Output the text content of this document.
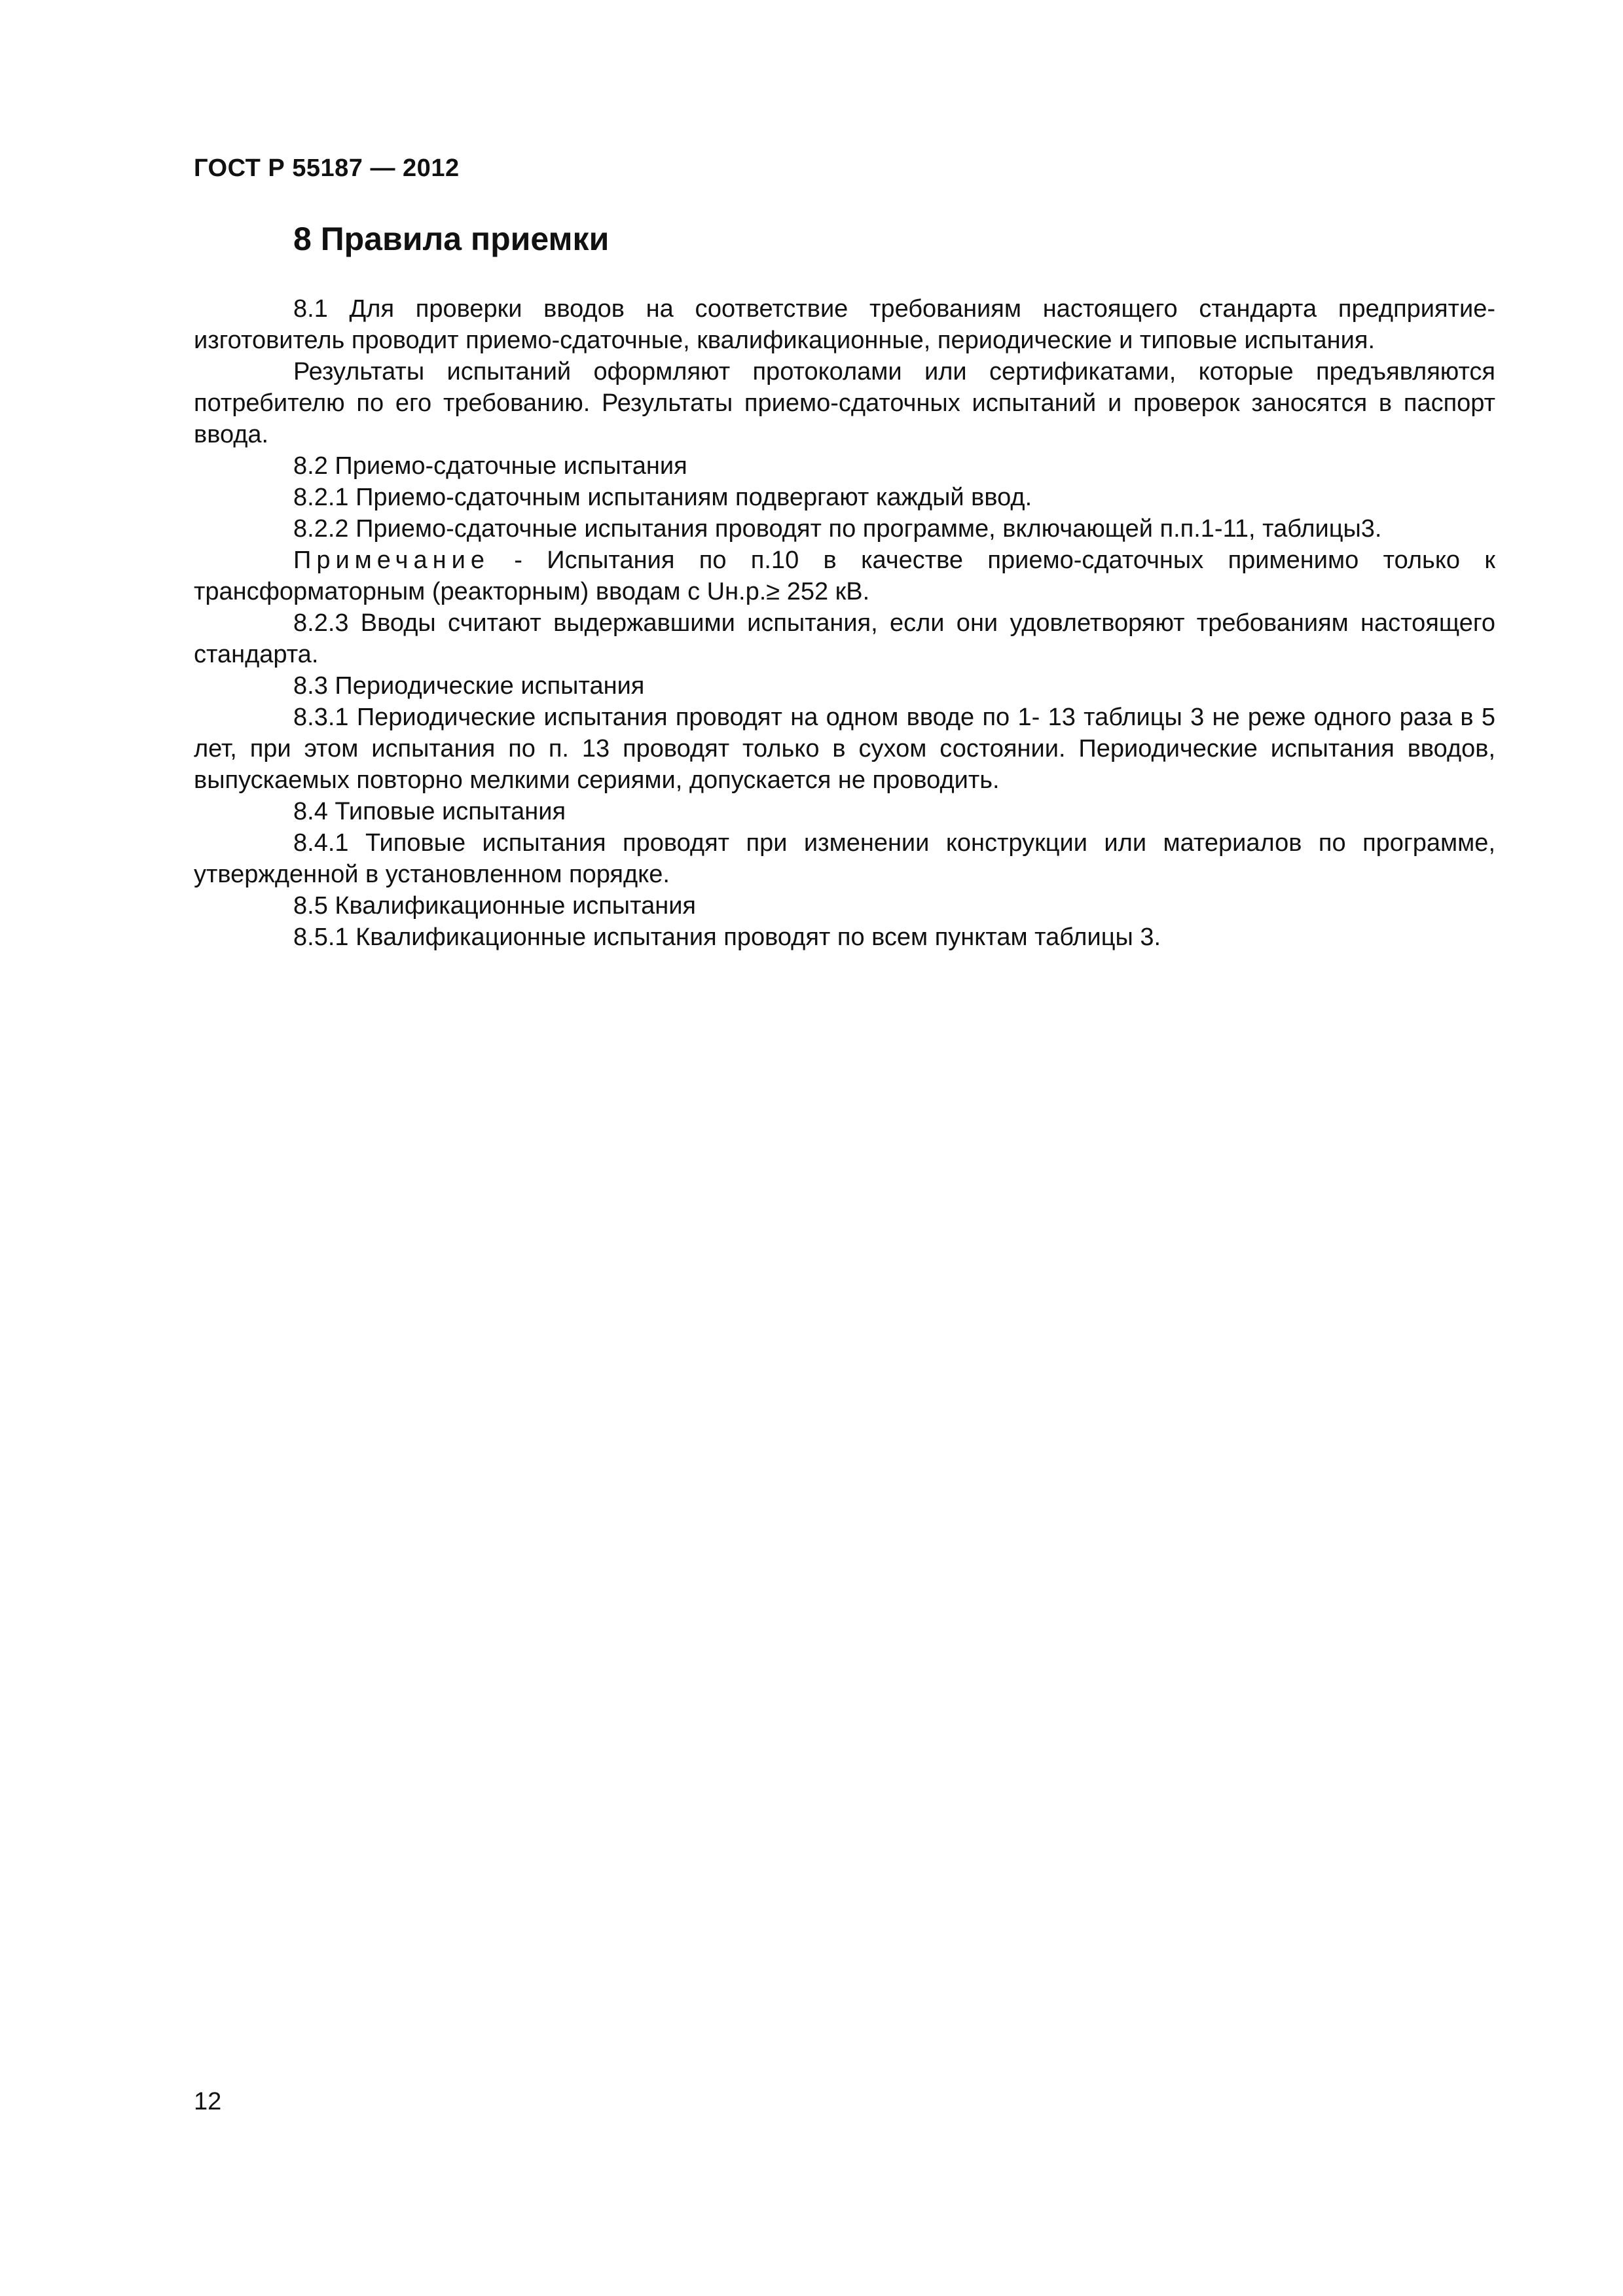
ГОСТ Р 55187 — 2012
8 Правила приемки

8.1 Для проверки вводов на соответствие требованиям настоящего стандарта предприятие-изготовитель проводит приемо-сдаточные, квалификационные, периодические и типовые испытания.

Результаты испытаний оформляют протоколами или сертификатами, которые предъявляются потребителю по его требованию. Результаты приемо-сдаточных испытаний и проверок заносятся в паспорт ввода.

8.2 Приемо-сдаточные испытания

8.2.1 Приемо-сдаточным испытаниям подвергают каждый ввод.

8.2.2 Приемо-сдаточные испытания проводят по программе, включающей п.п.1-11, таблицы3.

Примечание - Испытания по п.10 в качестве приемо-сдаточных применимо только к трансформаторным (реакторным) вводам с Uн.р.≥ 252 кВ.

8.2.3 Вводы считают выдержавшими испытания, если они удовлетворяют требованиям настоящего стандарта.

8.3 Периодические испытания

8.3.1 Периодические испытания проводят на одном вводе по 1- 13 таблицы 3 не реже одного раза в 5 лет, при этом испытания по п. 13 проводят только в сухом состоянии. Периодические испытания вводов, выпускаемых повторно мелкими сериями, допускается не проводить.

8.4 Типовые испытания

8.4.1 Типовые испытания проводят при изменении конструкции или материалов по программе, утвержденной в установленном порядке.

8.5 Квалификационные испытания

8.5.1 Квалификационные испытания проводят по всем пунктам таблицы 3.

12
